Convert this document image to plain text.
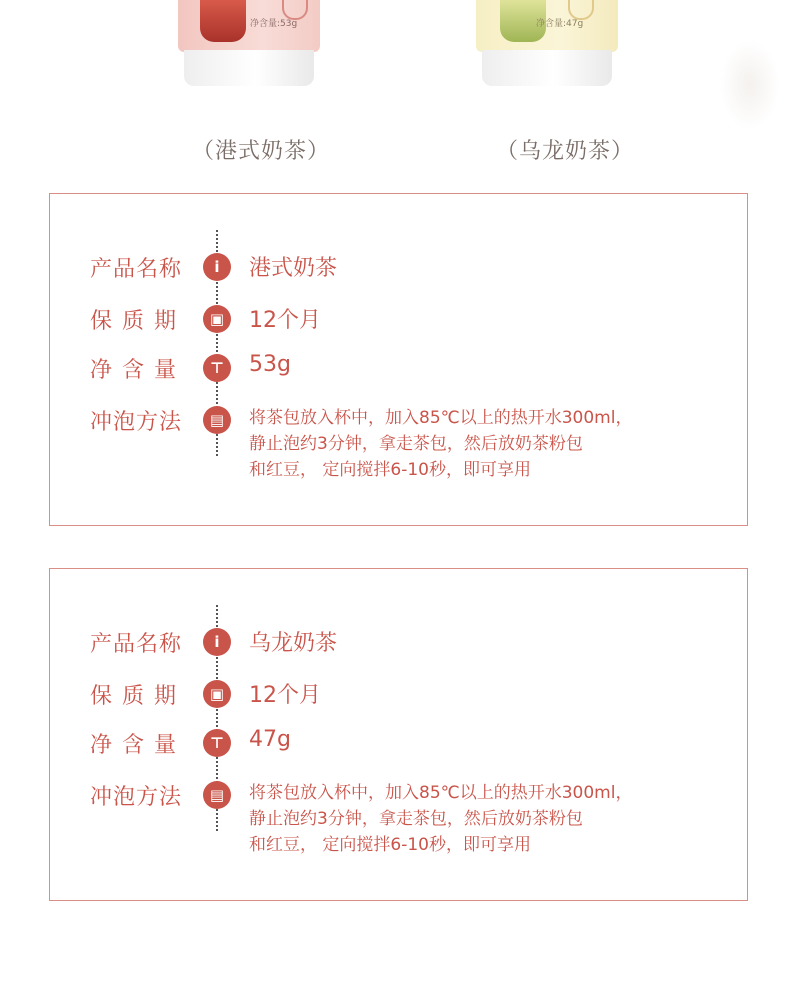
净含量:53g	净含量:47g
（港式奶茶）	（乌龙奶茶）
产品名称	i	港式奶茶
保质期	▣	12个月
净含量	⊤	53g
冲泡方法	▤	将茶包放入杯中，加入85℃以上的热开水300ml，
静止泡约3分钟，拿走茶包，然后放奶茶粉包
和红豆， 定向搅拌6-10秒，即可享用
产品名称	i	乌龙奶茶
保质期	▣	12个月
净含量	⊤	47g
冲泡方法	▤	将茶包放入杯中，加入85℃以上的热开水300ml，
静止泡约3分钟，拿走茶包，然后放奶茶粉包
和红豆， 定向搅拌6-10秒，即可享用
